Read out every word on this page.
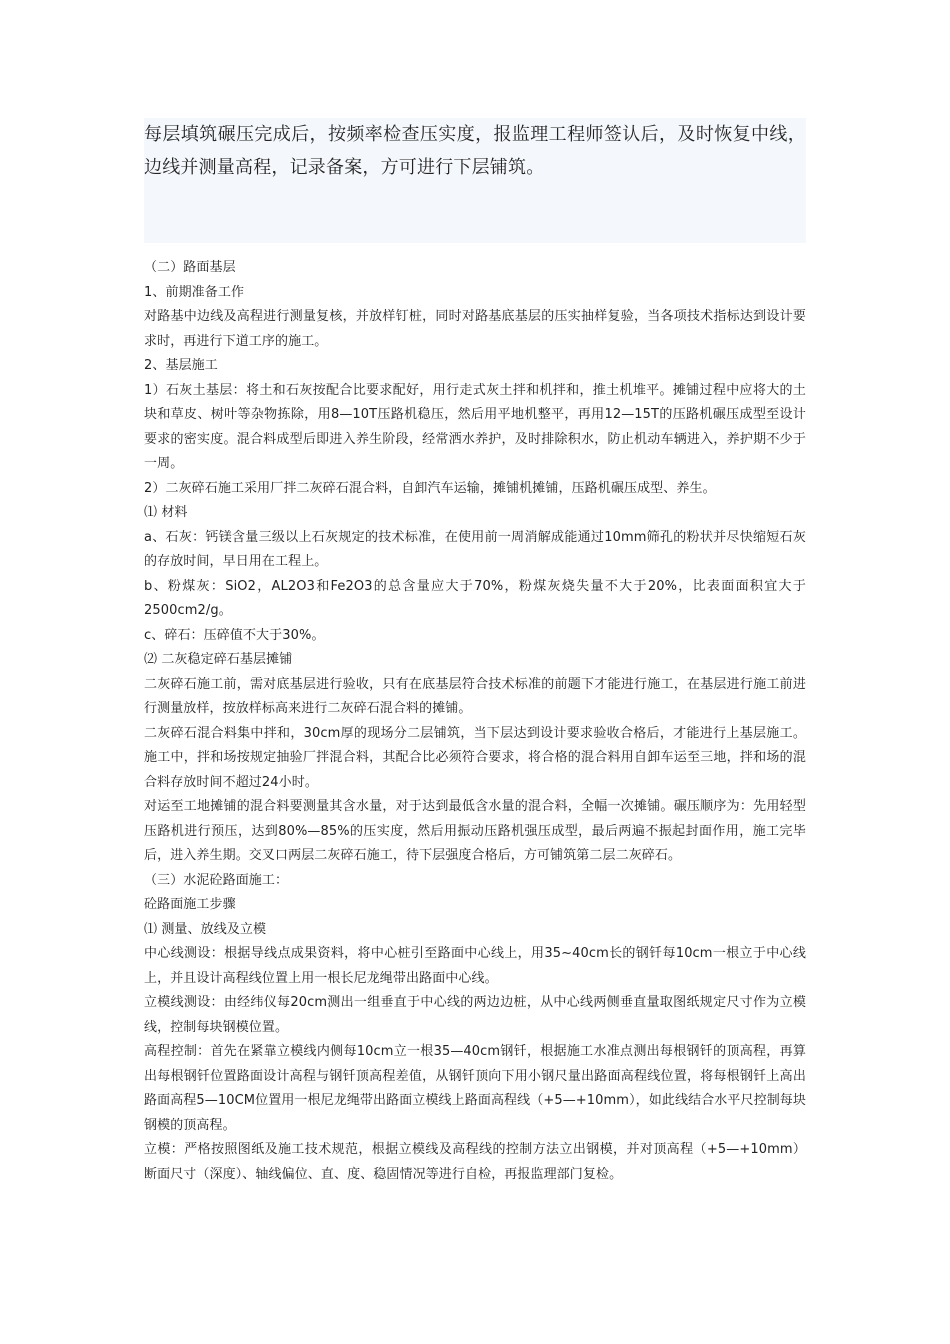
每层填筑碾压完成后，按频率检查压实度，报监理工程师签认后，及时恢复中线，边线并测量高程，记录备案，方可进行下层铺筑。

（二）路面基层

1、前期准备工作

对路基中边线及高程进行测量复核，并放样钉桩，同时对路基底基层的压实抽样复验，当各项技术指标达到设计要求时，再进行下道工序的施工。

2、基层施工

1）石灰土基层：将土和石灰按配合比要求配好，用行走式灰土拌和机拌和，推土机堆平。摊铺过程中应将大的土块和草皮、树叶等杂物拣除，用8—10T压路机稳压，然后用平地机整平，再用12—15T的压路机碾压成型至设计要求的密实度。混合料成型后即进入养生阶段，经常洒水养护，及时排除积水，防止机动车辆进入，养护期不少于一周。

2）二灰碎石施工采用厂拌二灰碎石混合料，自卸汽车运输，摊铺机摊铺，压路机碾压成型、养生。

⑴ 材料

a、石灰：钙镁含量三级以上石灰规定的技术标准，在使用前一周消解成能通过10mm筛孔的粉状并尽快缩短石灰的存放时间，早日用在工程上。

b、粉煤灰：SiO2，AL2O3和Fe2O3的总含量应大于70%，粉煤灰烧失量不大于20%，比表面面积宜大于2500cm2/g。

c、碎石：压碎值不大于30%。

⑵ 二灰稳定碎石基层摊铺

二灰碎石施工前，需对底基层进行验收，只有在底基层符合技术标准的前题下才能进行施工，在基层进行施工前进行测量放样，按放样标高来进行二灰碎石混合料的摊铺。

二灰碎石混合料集中拌和，30cm厚的现场分二层铺筑，当下层达到设计要求验收合格后，才能进行上基层施工。施工中，拌和场按规定抽验厂拌混合料，其配合比必须符合要求，将合格的混合料用自卸车运至三地，拌和场的混合料存放时间不超过24小时。

对运至工地摊铺的混合料要测量其含水量，对于达到最低含水量的混合料，全幅一次摊铺。碾压顺序为：先用轻型压路机进行预压，达到80%—85%的压实度，然后用振动压路机强压成型，最后两遍不振起封面作用，施工完毕后，进入养生期。交叉口两层二灰碎石施工，待下层强度合格后，方可铺筑第二层二灰碎石。

（三）水泥砼路面施工：

砼路面施工步骤

⑴ 测量、放线及立模

中心线测设：根据导线点成果资料，将中心桩引至路面中心线上，用35~40cm长的钢钎每10cm一根立于中心线上，并且设计高程线位置上用一根长尼龙绳带出路面中心线。

立模线测设：由经纬仪每20cm测出一组垂直于中心线的两边边桩，从中心线两侧垂直量取图纸规定尺寸作为立模线，控制每块钢模位置。

高程控制：首先在紧靠立模线内侧每10cm立一根35—40cm钢钎，根据施工水准点测出每根钢钎的顶高程，再算出每根钢钎位置路面设计高程与钢钎顶高程差值，从钢钎顶向下用小钢尺量出路面高程线位置，将每根钢钎上高出路面高程5—10CM位置用一根尼龙绳带出路面立模线上路面高程线（+5—+10mm），如此线结合水平尺控制每块钢模的顶高程。

立模：严格按照图纸及施工技术规范，根据立模线及高程线的控制方法立出钢模，并对顶高程（+5—+10mm）断面尺寸（深度）、轴线偏位、直、度、稳固情况等进行自检，再报监理部门复检。
